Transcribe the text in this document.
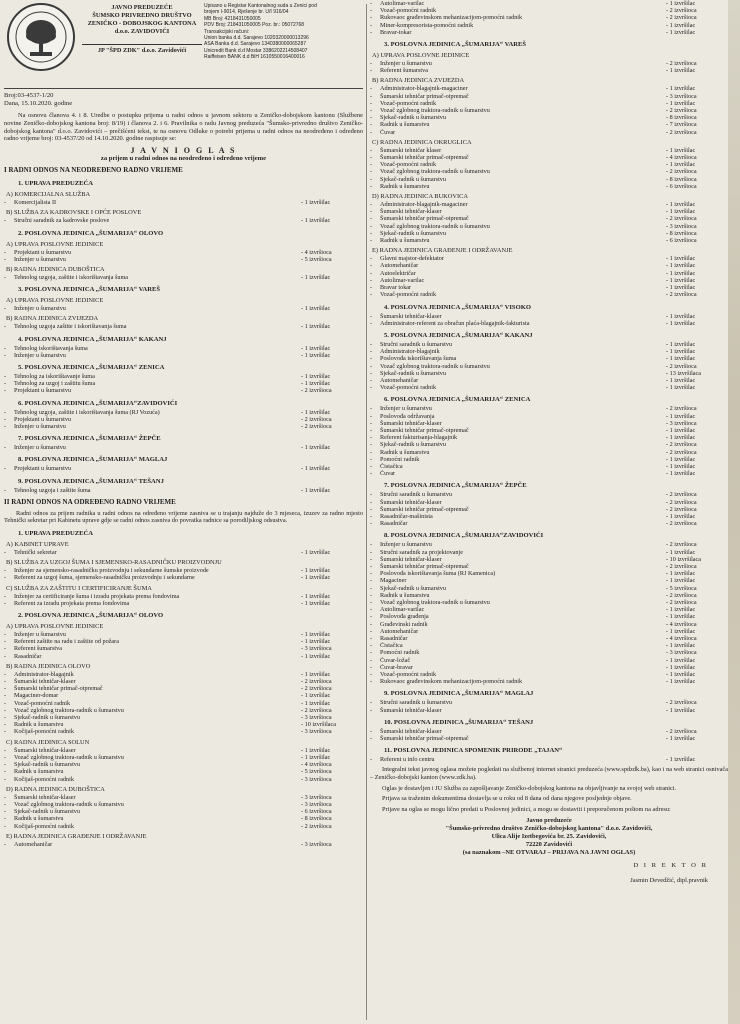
JAVNO PREDUZEĆE
ŠUMSKO PRIVREDNO DRUŠTVO
ZENIČKO - DOBOJSKOG KANTONA
d.o.o. ZAVIDOVIĆI
JP "ŠPD ZDK" d.o.o. Zavidovići
Upisano u Registar Kantonalnog suda u Zenici pod
brojem I-9014, Rješenje br. U/I 916/04
MB Broj: 4218431050005
PDV Broj: 218431050005 Poz. br.: 05072768
Transakcijski računi:
Union banka d.d. Sarajevo 1020320000013296
ASA Banka d.d. Sarajevo 1340380000065287
Unicredit Bank d.d Mostar 3386202214508407
Raiffeisen BANK d.d BiH 1610550016400016
Broj:03-4537-1/20
Dana, 15.10.2020. godine

Na osnovu članova 4. i 8. Uredbe o postupku prijema u radni odnos u javnom sektoru u Zeničko-dobojskom kantonu (Službene novine Zeničko-dobojskog kantona broj: 8/19) i članova 2. i 6. Pravilnika o radu Javnog preduzeća "Šumsko-privredno društvo Zeničko-dobojskog kantona" d.o.o. Zavidovići – prečišćeni tekst, te na osnovu Odluke o potrebi prijema u radni odnos na neodređeno i određeno radno vrijeme broj: 03-4537/20 od 14.10.2020. godine raspisuje se:

J A V N I O G L A S
za prijem u radni odnos na neodređeno i određeno vrijeme
I RADNI ODNOS NA NEODREĐENO RADNO VRIJEME
1. UPRAVA PREDUZEĆA
A) KOMERCIJALNA SLUŽBA
-	Komercijalista II	- 1 izvršilac
B) SLUŽBA ZA KADROVSKE I OPĆE POSLOVE
-	Stručni saradnik za kadrovske poslove	- 1 izvršilac
2. POSLOVNA JEDINICA „ŠUMARIJA“ OLOVO
A) UPRAVA POSLOVNE JEDINICE
-	Projektant u šumarstvu	- 4 izvršioca
-	Inženjer u šumarstvu	- 5 izvršioca
B) RADNA JEDINICA DUBOŠTICA
-	Tehnolog uzgoja, zaštite i iskorištavanja šuma	- 1 izvršilac
3. POSLOVNA JEDINICA „ŠUMARIJA“ VAREŠ
A) UPRAVA POSLOVNE JEDINICE
-	Inženjer u šumarstvu	- 1 izvršilac
B) RADNA JEDINICA ZVIJEZDA
-	Tehnolog uzgoja zaštite i iskorištavanja šuma	- 1 izvršilac
4. POSLOVNA JEDINICA „ŠUMARIJA“ KAKANJ
-	Tehnolog iskorištavanja šuma	- 1 izvršilac
-	Inženjer u šumarstvu	- 1 izvršilac
5. POSLOVNA JEDINICA „ŠUMARIJA“ ZENICA
-	Tehnolog za iskorištavanje šuma	- 1 izvršilac
-	Tehnolog za uzgoj i zaštitu šuma	- 1 izvršilac
-	Projektant u šumarstvu	- 2 izvršioca
6. POSLOVNA JEDINICA „ŠUMARIJA“ZAVIDOVIĆI
-	Tehnolog uzgoja, zaštite i iskorištavanja šuma (RJ Vozuća)	- 1 izvršilac
-	Projektant u šumarstvu	- 2 izvršioca
-	Inženjer u šumarstvu	- 2 izvršioca
7. POSLOVNA JEDINICA „ŠUMARIJA“ ŽEPČE
-	Inženjer u šumarstvu	- 1 izvršilac
8. POSLOVNA JEDINICA „ŠUMARIJA“ MAGLAJ
-	Projektant u šumarstvu	- 1 izvršilac
9. POSLOVNA JEDINICA „ŠUMARIJA“ TEŠANJ
-	Tehnolog uzgoja i zaštite šuma	- 1 izvršilac
II RADNI ODNOS NA ODREĐENO RADNO VRIJEME
Radni odnos za prijem radnika u radni odnos na određeno vrijeme zasniva se u trajanju najduže do 3 mjeseca, izuzev za radno mjesto Tehnički sekretar pri Kabinetu uprave gdje se radni odnos zasniva do povratka radnice sa porodiljskog odsustva.
1. UPRAVA PREDUZEĆA
A) KABINET UPRAVE
-	Tehnički sekretar	- 1 izvršilac
B) SLUŽBA ZA UZGOJ ŠUMA I SJEMENSKO-RASADNIČKU PROIZVODNJU
-	Inženjer za sjemensko-rasadničku proizvodnju i sekundarne šumske proizvode	- 1 izvršilac
-	Referent za uzgoj šuma, sjemensko-rasadničku proizvodnju i sekundarne	- 1 izvršilac
C) SLUŽBA ZA ZAŠTITU I CERTIFICIRANJE ŠUMA
-	Inženjer za certificiranje šuma i izradu projekata prema fondovima	- 1 izvršilac
-	Referent za izradu projekata prema fondovima	- 1 izvršilac
2. POSLOVNA JEDINICA „ŠUMARIJA“ OLOVO
A) UPRAVA POSLOVNE JEDINICE
-	Inženjer u šumarstvu	- 1 izvršilac
-	Referent zaštite na radu i zaštite od požara	- 1 izvršilac
-	Referent šumarstva	- 3 izvršioca
-	Rasadničar	- 1 izvršilac
B) RADNA JEDINICA OLOVO
-	Administrator-blagajnik	- 1 izvršilac
-	Šumarski tehničar-klaser	- 2 izvršioca
-	Šumarski tehničar primač-otpremač	- 2 izvršioca
-	Magaciner-domar	- 1 izvršilac
-	Vozač-pomoćni radnik	- 1 izvršilac
-	Vozač zglobnog traktora-radnik u šumarstvu	- 2 izvršioca
-	Sjekač-radnik u šumarstvu	- 3 izvršioca
-	Radnik u šumarstvu	- 10 izvršilaca
-	Kočijaš-pomoćni radnik	- 3 izvršioca
C) RADNA JEDINICA SOLUN
-	Šumarski tehničar-klaser	- 1 izvršilac
-	Vozač zglobnog traktora-radnik u šumarstvu	- 1 izvršilac
-	Sjekač-radnik u šumarstvu	- 4 izvršioca
-	Radnik u šumarstvu	- 5 izvršioca
-	Kočijaš-pomoćni radnik	- 3 izvršioca
D) RADNA JEDINICA DUBOŠTICA
-	Šumarski tehničar-klaser	- 3 izvršioca
-	Vozač zglobnog traktora-radnik u šumarstvu	- 3 izvršioca
-	Sjekač-radnik u šumarstvu	- 6 izvršioca
-	Radnik u šumarstvu	- 8 izvršioca
-	Kočijaš-pomoćni radnik	- 2 izvršioca
E) RADNA JEDINICA GRAĐENJE I ODRŽAVANJE
-	Automehaničar	- 3 izvršioca
-	Autolimar-varilac	- 1 izvršilac
-	Vozač-pomoćni radnik	- 2 izvršioca
-	Rukovaoc građevinskom mehanizacijom-pomoćni radnik	- 2 izvršioca
-	Miner-kompresorista-pomoćni radnik	- 1 izvršilac
-	Bravar-tokar	- 1 izvršilac
3. POSLOVNA JEDINICA „ŠUMARIJA“ VAREŠ
A) UPRAVA POSLOVNE JEDINICE
-	Inženjer u šumarstvu	- 2 izvršioca
-	Referent šumarstva	- 1 izvršilac
B) RADNA JEDINICA ZVIJEZDA
-	Administrator-blagajnik-magaciner	- 1 izvršilac
-	Šumarski tehničar primač-otpremač	- 3 izvršioca
-	Vozač-pomoćni radnik	- 1 izvršilac
-	Vozač zglobnog traktora-radnik u šumarstvu	- 2 izvršioca
-	Sjekač-radnik u šumarstvu	- 8 izvršioca
-	Radnik u šumarstvu	- 7 izvršioca
-	Čuvar	- 2 izvršioca
C) RADNA JEDINICA OKRUGLICA
-	Šumarski tehničar klaser	- 1 izvršilac
-	Šumarski tehničar primač-otpremač	- 4 izvršioca
-	Vozač-pomoćni radnik	- 1 izvršilac
-	Vozač zglobnog traktora-radnik u šumarstvu	- 2 izvršioca
-	Sjekač-radnik u šumarstvu	- 8 izvršioca
-	Radnik u šumarstvu	- 6 izvršioca
D) RADNA JEDINICA BUKOVICA
-	Administrator-blagajnik-magaciner	- 1 izvršilac
-	Šumarski tehničar-klaser	- 1 izvršilac
-	Šumarski tehničar primač-otpremač	- 2 izvršioca
-	Vozač zglobnog traktora-radnik u šumarstvu	- 3 izvršioca
-	Sjekač-radnik u šumarstvu	- 8 izvršioca
-	Radnik u šumarstvu	- 6 izvršioca
E) RADNA JEDINICA GRAĐENJE I ODRŽAVANJE
-	Glavni majstor-defektator	- 1 izvršilac
-	Automehaničar	- 1 izvršilac
-	Autoelektričar	- 1 izvršilac
-	Autolimar-varilac	- 1 izvršilac
-	Bravar tokar	- 1 izvršilac
-	Vozač-pomoćni radnik	- 2 izvršioca
4. POSLOVNA JEDINICA „ŠUMARIJA“ VISOKO
-	Šumarski tehničar-klaser	- 1 izvršilac
-	Administrator-referent za obračun plaća-blagajnik-fakturista	- 1 izvršilac
5. POSLOVNA JEDINICA „ŠUMARIJA“ KAKANJ
-	Stručni saradnik u šumarstvu	- 1 izvršilac
-	Administrator-blagajnik	- 1 izvršilac
-	Poslovođa iskorištavanja šuma	- 1 izvršilac
-	Vozač zglobnog traktora-radnik u šumarstvu	- 2 izvršioca
-	Sjekač-radnik u šumarstvu	- 13 izvršilaca
-	Automehaničar	- 1 izvršilac
-	Vozač-pomoćni radnik	- 1 izvršilac
6. POSLOVNA JEDINICA „ŠUMARIJA“ ZENICA
-	Inženjer u šumarstvu	- 2 izvršioca
-	Poslovođa održavanja	- 1 izvršilac
-	Šumarski tehničar-klaser	- 3 izvršioca
-	Šumarski tehničar primač-otpremač	- 1 izvršilac
-	Referent fakturisanja-blagajnik	- 1 izvršilac
-	Sjekač-radnik u šumarstvu	- 2 izvršioca
-	Radnik u šumarstvu	- 2 izvršioca
-	Pomoćni radnik	- 1 izvršilac
-	Čistačica	- 1 izvršilac
-	Čuvar	- 1 izvršilac
7. POSLOVNA JEDINICA „ŠUMARIJA“ ŽEPČE
-	Stručni saradnik u šumarstvu	- 2 izvršioca
-	Šumarski tehničar-klaser	- 2 izvršioca
-	Šumarski tehničar primač-otpremač	- 2 izvršioca
-	Rasadničar-mašinista	- 1 izvršilac
-	Rasadničar	- 2 izvršioca
8. POSLOVNA JEDINICA „ŠUMARIJA“ZAVIDOVIĆI
-	Inženjer u šumarstvu	- 2 izvršioca
-	Stručni saradnik za projektovanje	- 1 izvršilac
-	Šumarski tehničar-klaser	- 10 izvršilaca
-	Šumarski tehničar primač-otpremač	- 2 izvršioca
-	Poslovođa iskorištavanja šuma (RJ Kamenica)	- 1 izvršilac
-	Magaciner	- 1 izvršilac
-	Sjekač-radnik u šumarstvu	- 5 izvršioca
-	Radnik u šumarstvu	- 2 izvršioca
-	Vozač zglobnog traktora-radnik u šumarstvu	- 2 izvršioca
-	Autolimar-varilac	- 1 izvršilac
-	Poslovođa građenja	- 1 izvršilac
-	Građevinski radnik	- 4 izvršioca
-	Automehaničar	- 1 izvršilac
-	Rasadničar	- 4 izvršioca
-	Čistačica	- 1 izvršilac
-	Pomoćni radnik	- 3 izvršioca
-	Čuvar-ložač	- 1 izvršilac
-	Čuvar-bravar	- 1 izvršilac
-	Vozač-pomoćni radnik	- 1 izvršilac
-	Rukovaoc građevinskom mehanizacijom-pomoćni radnik	- 1 izvršilac
9. POSLOVNA JEDINICA „ŠUMARIJA“ MAGLAJ
-	Stručni saradnik u šumarstvu	- 2 izvršioca
-	Šumarski tehničar-klaser	- 1 izvršilac
10. POSLOVNA JEDINICA „ŠUMARIJA“ TEŠANJ
-	Šumarski tehničar-klaser	- 2 izvršioca
-	Šumarski tehničar primač-otpremač	- 1 izvršilac
11. POSLOVNA JEDINICA SPOMENIK PRIRODE „TAJAN“
-	Referent u info centru	- 1 izvršilac
Integralni tekst javnog oglasa možete pogledati na službenoj internet stranici preduzeća (www.spdzdk.ba), kao i na web stranici osnivača – Zeničko-dobojski kanton (www.zdk.ba).
Oglas je dostavljen i JU Služba za zapošljavanje Zeničko-dobojskog kantona na objavljivanje na svojoj web stranici.
Prijava sa traženim dokumentima dostavlja se u roku od 8 dana od dana njegove posljednje objave.
Prijave na oglas se mogu lično predati u Poslovnoj jedinici, a mogu se dostaviti i preporučenom poštom na adresu:
Javno preduzeće
"Šumsko-privredno društvo Zeničko-dobojskog kantona" d.o.o. Zavidovići,
Ulica Alije Izetbegovića br. 25. Zavidovići,
72220 Zavidovići
(sa naznakom –NE OTVARAJ – PRIJAVA NA JAVNI OGLAS)
D I R E K T O R
Jasmin Devedžić, dipl.pravnik
